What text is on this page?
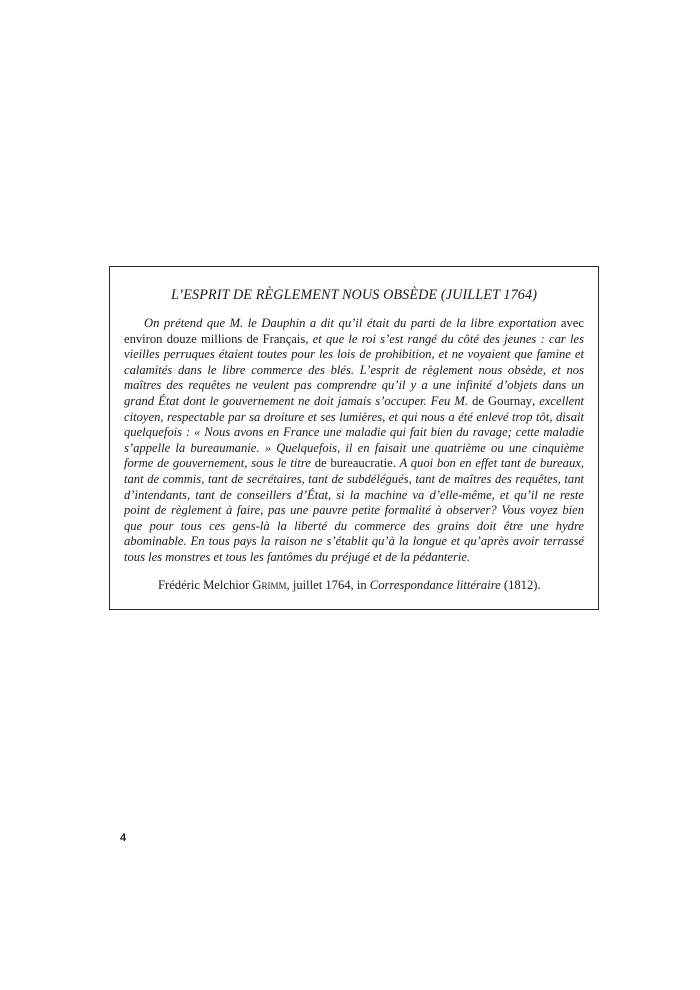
L’ESPRIT DE RÈGLEMENT NOUS OBSÈDE (JUILLET 1764)

On prétend que M. le Dauphin a dit qu’il était du parti de la libre exportation avec environ douze millions de Français, et que le roi s’est rangé du côté des jeunes : car les vieilles perruques étaient toutes pour les lois de prohibition, et ne voyaient que famine et calamités dans le libre commerce des blés. L’esprit de règlement nous obsède, et nos maîtres des requêtes ne veulent pas comprendre qu’il y a une infinité d’objets dans un grand État dont le gouvernement ne doit jamais s’occuper. Feu M. de Gournay, excellent citoyen, respectable par sa droiture et ses lumières, et qui nous a été enlevé trop tôt, disait quelquefois : « Nous avons en France une maladie qui fait bien du ravage; cette maladie s’appelle la bureaumanie. » Quelquefois, il en faisait une quatrième ou une cinquième forme de gouvernement, sous le titre de bureaucratie. A quoi bon en effet tant de bureaux, tant de commis, tant de secrétaires, tant de subdélégués, tant de maîtres des requêtes, tant d’intendants, tant de conseillers d’État, si la machine va d’elle-même, et qu’il ne reste point de règlement à faire, pas une pauvre petite formalité à observer? Vous voyez bien que pour tous ces gens-là la liberté du commerce des grains doit être une hydre abominable. En tous pays la raison ne s’établit qu’à la longue et qu’après avoir terrassé tous les monstres et tous les fantômes du préjugé et de la pédanterie.

Frédéric Melchior Grimm, juillet 1764, in Correspondance littéraire (1812).

4
